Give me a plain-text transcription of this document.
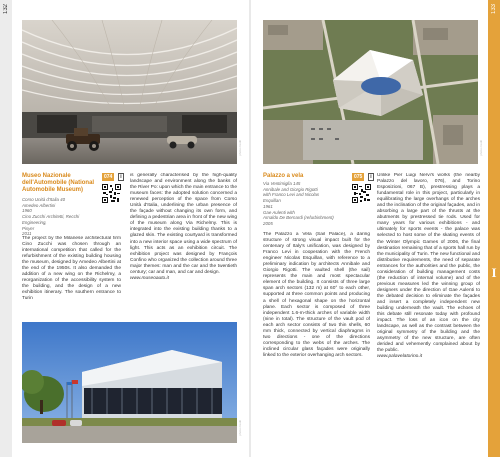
132	133
I
photo credit
Museo Nazionale dell'Automobile (National Automobile Museum)
074	i
Corso Unità d'Italia 40
Amedeo Albertini
1960
Cino Zucchi Architetti, Recchi Engineering,
Pisyer
2011
The project by the Milanese architectural firm Cino Zucchi was chosen through an international competition that called for the refurbishment of the existing building housing the museum, designed by Amedeo Albertini at the end of the 1950s. It also demanded the addition of a new wing on the Richelmy, a reorganization of the accessibility system to the building, and the design of a new exhibition itinerary. The southern entrance to Turin
is generally characterised by the high-quality landscape and environment along the banks of the River Po: upon which the main entrance to the museum faces: the adopted solution concerned a renewed perception of the space from Corso Unità d'Italia, underlining the urban presence of the façade without changing its own form, and defining a pedestrian area in front of the new wing of the museum along Via Richelmy. This is integrated into the existing building thanks to a glazed skin. The existing courtyard is transformed into a new interior space using a wide spectrum of light. This acts as an exhibition circuit. The exhibition project was designed by François Confino who organized the collection around three major themes: man and the car and the twentieth century; car and man, and car and design.
www.museoauto.it
photo credit
photo credit
Palazzo a vela	075	i
Via Ventimiglia 145
Annibale and Giorgio Rigotti
with Franco Levi and Nicolas
Esquillan
1961
Gae Aulenti with
Arnaldo De Bernardi (refurbishment)
2005
The Palazzo a Vela (Sail Palace), a daring structure of strong visual impact built for the centenary of Italy's unification, was designed by Franco Levi in cooperation with the French engineer Nicolas Esquillan, with reference to a preliminary indication by architects Annibale and Giorgio Rigotti. The vaulted shell (the sail) represents the main and most spectacular element of the building. It consists of three large span arch sectors (132 m) at 60° to each other, supported at three common points and producing a shell of hexagonal shape on the horizontal plane. Each sector is composed of three independent 1.6-m-thick arches of variable width (nine in total). The structure of the vault pod of each arch sector consists of two thin shells, 60 mm thick, connected by vertical diaphragms in two directions - one of the directions corresponding to the webs of the arches. The inclined circular glass façades were originally linked to the exterior overhanging arch sectors.
Unlike Pier Luigi Nervi's works (the nearby Palazzo del lavoro, 076), and Torino Esposizioni, 067 B), prestressing plays a fundamental role in this project, particularly in equilibrating the large overhangs of the arches and the inclination of the original façades, and in absorbing a large part of the thrusts at the abutments by prestressed tie rods. Used for many years for various exhibitions - and ultimately for sports events - the palace was selected to host some of the skating events of the Winter Olympic Games of 2006, the final destination remaining that of a sports hall run by the municipality of Turin. The new functional and distributive requirements, the need of separate entrances for the authorities and the public, the consideration of building management costs (the reduction of internal volume) and of the previous measures led the winning group of designers under the direction of Gae Aulenti to the debated decision to eliminate the façades and insert a completely independent new building underneath the vault. The echoes of this debate still resonate today with profound impact. The loss of an icon on the city landscape, as well as the contrast between the original symmetry of the building and the asymmetry of the new structure, are often derided and vehemently complained about by the public.
www.palavelatorino.it
